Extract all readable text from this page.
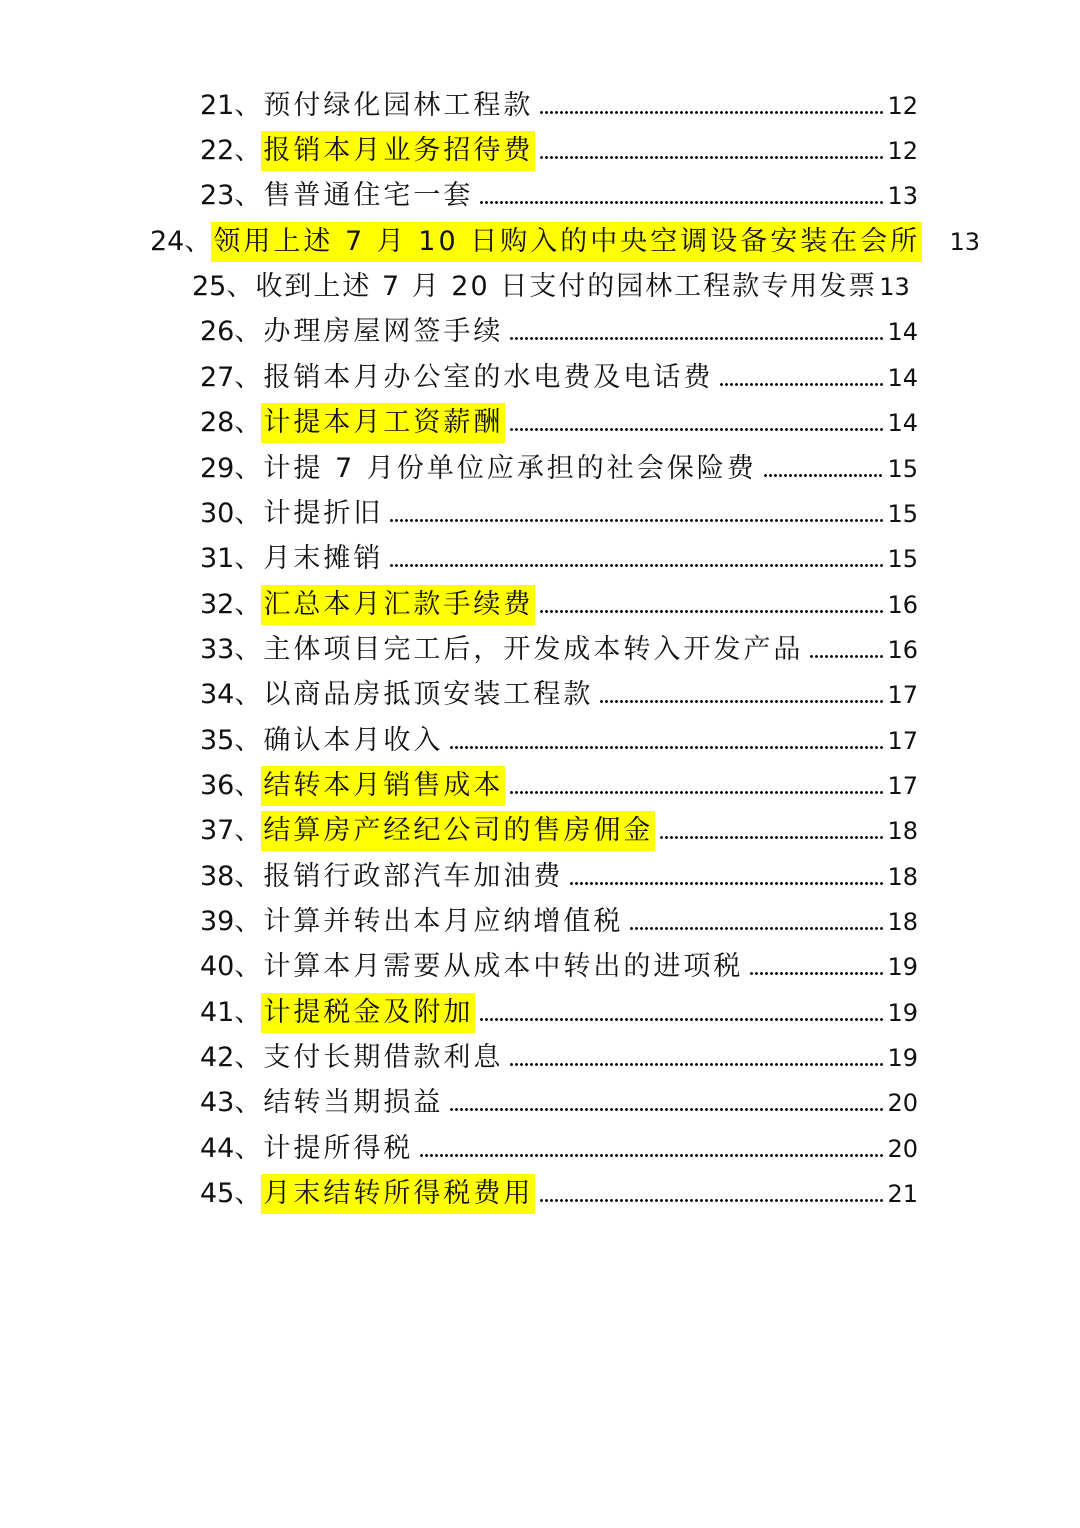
21、 预付绿化园林工程款	12
22、 报销本月业务招待费	12
23、 售普通住宅一套	13
24、 领用上述 7 月 10 日购入的中央空调设备安装在会所 13
25、 收到上述 7 月 20 日支付的园林工程款专用发票 13
26、 办理房屋网签手续	14
27、 报销本月办公室的水电费及电话费	14
28、 计提本月工资薪酬	14
29、 计提 7 月份单位应承担的社会保险费	15
30、 计提折旧	15
31、 月末摊销	15
32、 汇总本月汇款手续费	16
33、 主体项目完工后，开发成本转入开发产品	16
34、 以商品房抵顶安装工程款	17
35、 确认本月收入	17
36、 结转本月销售成本	17
37、 结算房产经纪公司的售房佣金	18
38、 报销行政部汽车加油费	18
39、 计算并转出本月应纳增值税	18
40、 计算本月需要从成本中转出的进项税	19
41、 计提税金及附加	19
42、 支付长期借款利息	19
43、 结转当期损益	20
44、 计提所得税	20
45、 月末结转所得税费用	21
